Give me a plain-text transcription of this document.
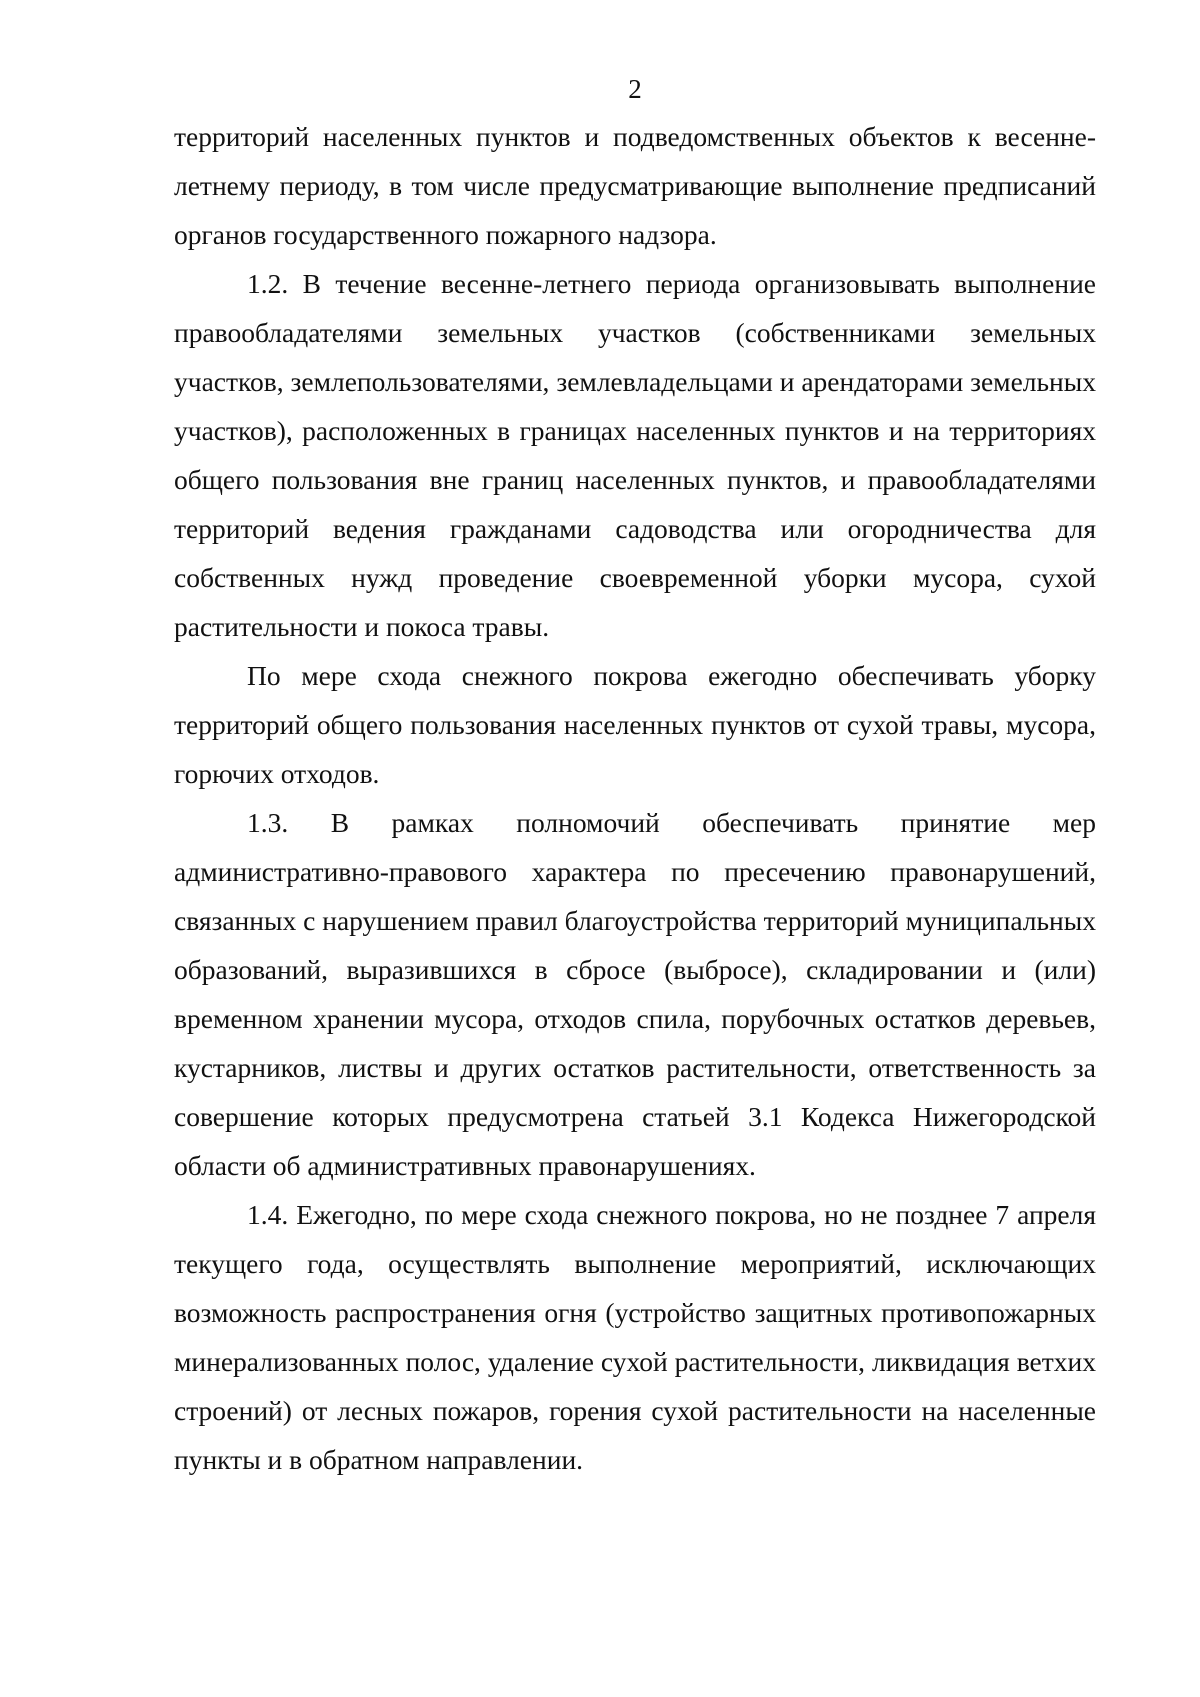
2

территорий населенных пунктов и подведомственных объектов к весенне-летнему периоду, в том числе предусматривающие выполнение предписаний органов государственного пожарного надзора.

1.2. В течение весенне-летнего периода организовывать выполнение правообладателями земельных участков (собственниками земельных участков, землепользователями, землевладельцами и арендаторами земельных участков), расположенных в границах населенных пунктов и на территориях общего пользования вне границ населенных пунктов, и правообладателями территорий ведения гражданами садоводства или огородничества для собственных нужд проведение своевременной уборки мусора, сухой растительности и покоса травы.

По мере схода снежного покрова ежегодно обеспечивать уборку территорий общего пользования населенных пунктов от сухой травы, мусора, горючих отходов.

1.3. В рамках полномочий обеспечивать принятие мер административно-правового характера по пресечению правонарушений, связанных с нарушением правил благоустройства территорий муниципальных образований, выразившихся в сбросе (выбросе), складировании и (или) временном хранении мусора, отходов спила, порубочных остатков деревьев, кустарников, листвы и других остатков растительности, ответственность за совершение которых предусмотрена статьей 3.1 Кодекса Нижегородской области об административных правонарушениях.

1.4. Ежегодно, по мере схода снежного покрова, но не позднее 7 апреля текущего года, осуществлять выполнение мероприятий, исключающих возможность распространения огня (устройство защитных противопожарных минерализованных полос, удаление сухой растительности, ликвидация ветхих строений) от лесных пожаров, горения сухой растительности на населенные пункты и в обратном направлении.
